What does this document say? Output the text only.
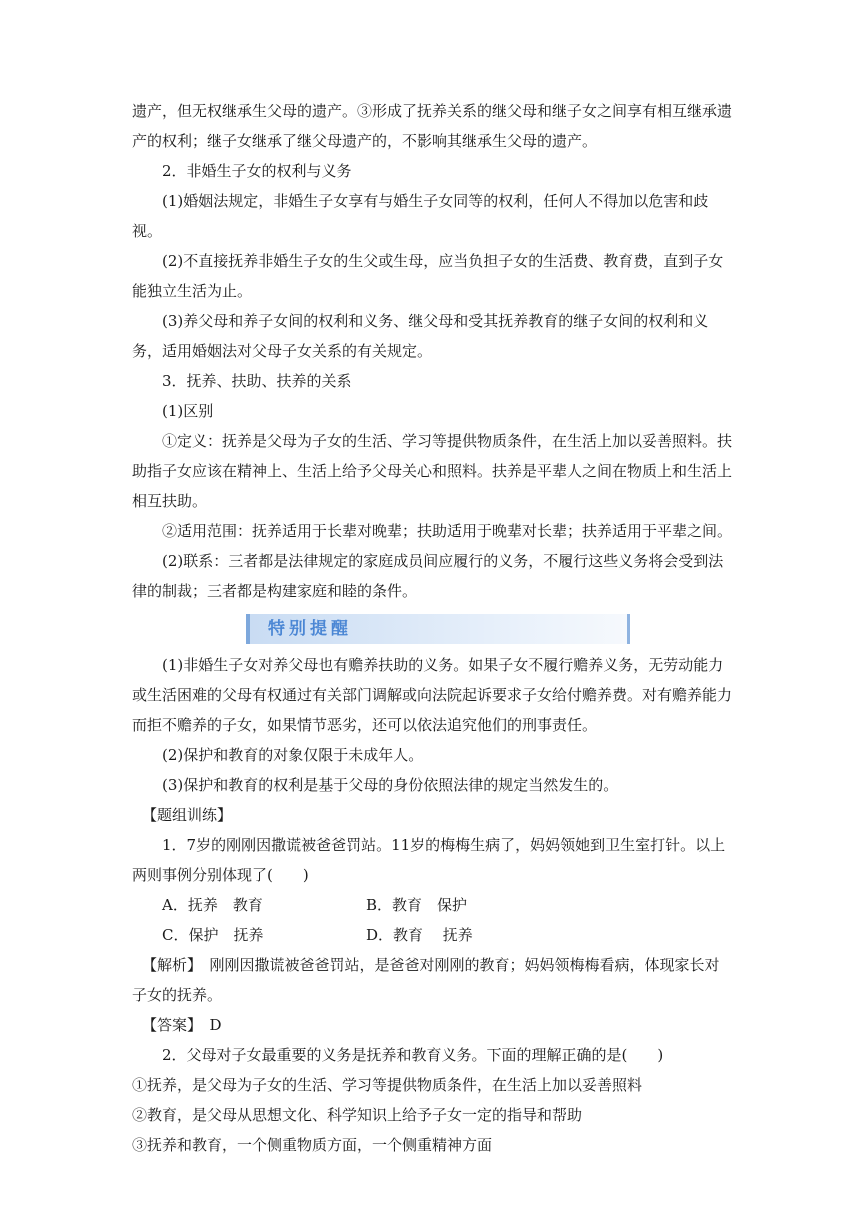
遗产，但无权继承生父母的遗产。③形成了抚养关系的继父母和继子女之间享有相互继承遗产的权利；继子女继承了继父母遗产的，不影响其继承生父母的遗产。

2．非婚生子女的权利与义务

(1)婚姻法规定，非婚生子女享有与婚生子女同等的权利，任何人不得加以危害和歧视。

(2)不直接抚养非婚生子女的生父或生母，应当负担子女的生活费、教育费，直到子女能独立生活为止。

(3)养父母和养子女间的权利和义务、继父母和受其抚养教育的继子女间的权利和义务，适用婚姻法对父母子女关系的有关规定。

3．抚养、扶助、扶养的关系

(1)区别

①定义：抚养是父母为子女的生活、学习等提供物质条件，在生活上加以妥善照料。扶助指子女应该在精神上、生活上给予父母关心和照料。扶养是平辈人之间在物质上和生活上相互扶助。

②适用范围：抚养适用于长辈对晚辈；扶助适用于晚辈对长辈；扶养适用于平辈之间。

(2)联系：三者都是法律规定的家庭成员间应履行的义务，不履行这些义务将会受到法律的制裁；三者都是构建家庭和睦的条件。

特别提醒

(1)非婚生子女对养父母也有赡养扶助的义务。如果子女不履行赡养义务，无劳动能力或生活困难的父母有权通过有关部门调解或向法院起诉要求子女给付赡养费。对有赡养能力而拒不赡养的子女，如果情节恶劣，还可以依法追究他们的刑事责任。

(2)保护和教育的对象仅限于未成年人。

(3)保护和教育的权利是基于父母的身份依照法律的规定当然发生的。

【题组训练】

1．7岁的刚刚因撒谎被爸爸罚站。11岁的梅梅生病了，妈妈领她到卫生室打针。以上两则事例分别体现了(　　)

A．抚养　教育	B．教育　保护
C．保护　抚养	D．教育　 抚养

【解析】　刚刚因撒谎被爸爸罚站，是爸爸对刚刚的教育；妈妈领梅梅看病，体现家长对子女的抚养。

【答案】　D

2．父母对子女最重要的义务是抚养和教育义务。下面的理解正确的是(　　)

①抚养，是父母为子女的生活、学习等提供物质条件，在生活上加以妥善照料

②教育，是父母从思想文化、科学知识上给予子女一定的指导和帮助

③抚养和教育，一个侧重物质方面，一个侧重精神方面
